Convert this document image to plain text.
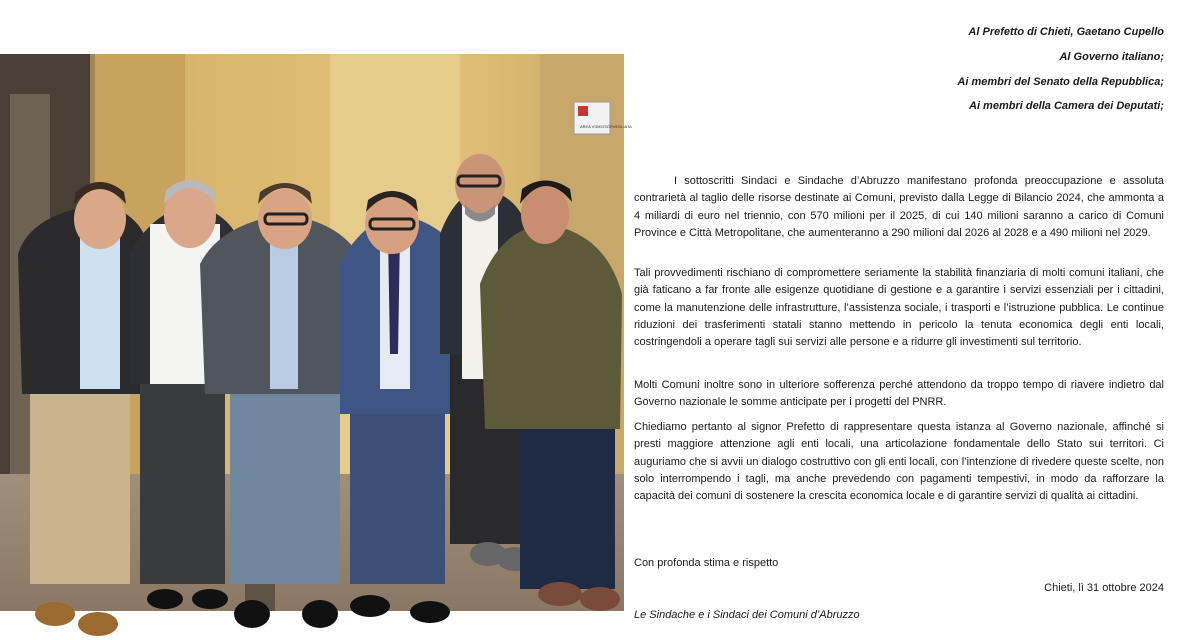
AREA VIDEOSORVEGLIATA
Al Prefetto di Chieti, Gaetano Cupello
Al Governo italiano;
Ai membri del Senato della Repubblica;
Ai membri della Camera dei Deputati;

I sottoscritti Sindaci e Sindache d’Abruzzo manifestano profonda preoccupazione e assoluta contrarietà al taglio delle risorse destinate ai Comuni, previsto dalla Legge di Bilancio 2024, che ammonta a 4 miliardi di euro nel triennio, con 570 milioni per il 2025, di cui 140 milioni saranno a carico di Comuni Province e Città Metropolitane, che aumenteranno a 290 milioni dal 2026 al 2028 e a 490 milioni nel 2029.

Tali provvedimenti rischiano di compromettere seriamente la stabilità finanziaria di molti comuni italiani, che già faticano a far fronte alle esigenze quotidiane di gestione e a garantire i servizi essenziali per i cittadini, come la manutenzione delle infrastrutture, l’assistenza sociale, i trasporti e l’istruzione pubblica. Le continue riduzioni dei trasferimenti statali stanno mettendo in pericolo la tenuta economica degli enti locali, costringendoli a operare tagli sui servizi alle persone e a ridurre gli investimenti sul territorio.

Molti Comuni inoltre sono in ulteriore sofferenza perché attendono da troppo tempo di riavere indietro dal Governo nazionale le somme anticipate per i progetti del PNRR.

Chiediamo pertanto al signor Prefetto di rappresentare questa istanza al Governo nazionale, affinché si presti maggiore attenzione agli enti locali, una articolazione fondamentale dello Stato sui territori. Ci auguriamo che si avvii un dialogo costruttivo con gli enti locali, con l’intenzione di rivedere queste scelte, non solo interrompendo i tagli, ma anche prevedendo con pagamenti tempestivi, in modo da rafforzare la capacità dei comuni di sostenere la crescita economica locale e di garantire servizi di qualità ai cittadini.

Con profonda stima e rispetto
Chieti, lì 31 ottobre 2024
Le Sindache e i Sindaci dei Comuni d’Abruzzo
